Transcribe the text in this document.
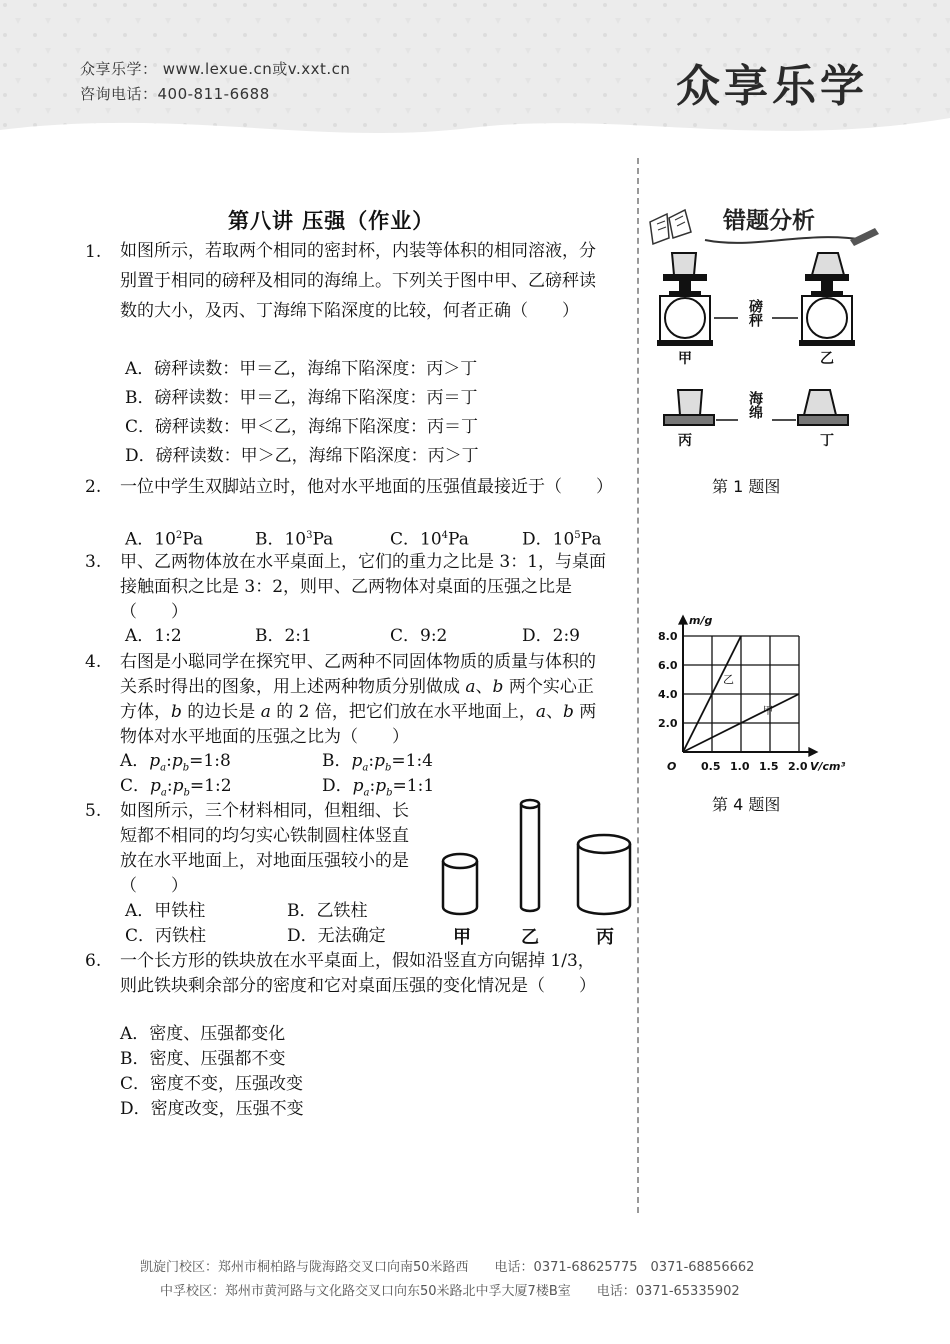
众享乐学： www.lexue.cn或v.xxt.cn
咨询电话：400-811-6688	众享乐学
第八讲 压强（作业）
1.	如图所示，若取两个相同的密封杯，内装等体积的相同溶液，分别置于相同的磅秤及相同的海绵上。下列关于图中甲、乙磅秤读数的大小，及丙、丁海绵下陷深度的比较，何者正确（　　）
A．磅秤读数：甲＝乙，海绵下陷深度：丙＞丁
B．磅秤读数：甲＝乙，海绵下陷深度：丙＝丁
C．磅秤读数：甲＜乙，海绵下陷深度：丙＝丁
D．磅秤读数：甲＞乙，海绵下陷深度：丙＞丁
2.	一位中学生双脚站立时，他对水平地面的压强值最接近于（　　）
A．$10^2Pa$	B．$10^3Pa$	C．$10^4Pa$	D．$10^5Pa$
3.	甲、乙两物体放在水平桌面上，它们的重力之比是 3：1，与桌面接触面积之比是 3：2，则甲、乙两物体对桌面的压强之比是（　　）
A．1:2	B．2:1	C．9:2	D．2:9
4.	右图是小聪同学在探究甲、乙两种不同固体物质的质量与体积的关系时得出的图象，用上述两种物质分别做成 a、b 两个实心正方体，b 的边长是 a 的 2 倍，把它们放在水平地面上，a、b 两物体对水平地面的压强之比为（　　）
A．$p_a:p_b=1:8$	B．$p_a:p_b=1:4$
C．$p_a:p_b=1:2$	D．$p_a:p_b=1:1$
5.	如图所示，三个材料相同，但粗细、长短都不相同的均匀实心铁制圆柱体竖直放在水平地面上，对地面压强较小的是（　　）
A．甲铁柱	B．乙铁柱
C．丙铁柱	D．无法确定	甲	乙	丙
6.	一个长方形的铁块放在水平桌面上，假如沿竖直方向锯掉 1/3，则此铁块剩余部分的密度和它对桌面压强的变化情况是（　　）
A．密度、压强都变化
B．密度、压强都不变
C．密度不变，压强改变
D．密度改变，压强不变
错题分析
磅秤
海绵
甲	乙
丙	丁
第 1 题图
m/g
8.0
6.0
4.0
2.0
O 0.5 1.0 1.5 2.0 V/cm³
乙
甲
第 4 题图
凯旋门校区：郑州市桐柏路与陇海路交叉口向南50米路西　　电话：0371-68625775　0371-68856662
中孚校区：郑州市黄河路与文化路交叉口向东50米路北中孚大厦7楼B室　　电话：0371-65335902
